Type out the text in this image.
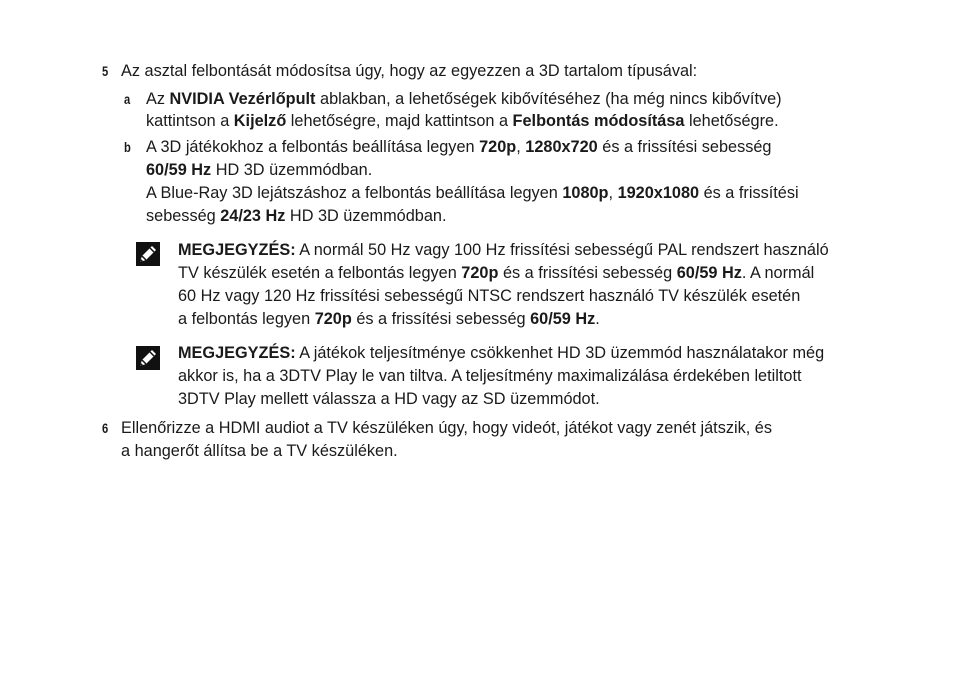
5 Az asztal felbontását módosítsa úgy, hogy az egyezzen a 3D tartalom típusával:
a Az NVIDIA Vezérlőpult ablakban, a lehetőségek kibővítéséhez (ha még nincs kibővítve)
kattintson a Kijelző lehetőségre, majd kattintson a Felbontás módosítása lehetőségre.
b A 3D játékokhoz a felbontás beállítása legyen 720p, 1280x720 és a frissítési sebesség
60/59 Hz HD 3D üzemmódban.
A Blue-Ray 3D lejátszáshoz a felbontás beállítása legyen 1080p, 1920x1080 és a frissítési
sebesség 24/23 Hz HD 3D üzemmódban.
MEGJEGYZÉS: A normál 50 Hz vagy 100 Hz frissítési sebességű PAL rendszert használó
TV készülék esetén a felbontás legyen 720p és a frissítési sebesség 60/59 Hz. A normál
60 Hz vagy 120 Hz frissítési sebességű NTSC rendszert használó TV készülék esetén
a felbontás legyen 720p és a frissítési sebesség 60/59 Hz.
MEGJEGYZÉS: A játékok teljesítménye csökkenhet HD 3D üzemmód használatakor még
akkor is, ha a 3DTV Play le van tiltva. A teljesítmény maximalizálása érdekében letiltott
3DTV Play mellett válassza a HD vagy az SD üzemmódot.
6 Ellenőrizze a HDMI audiot a TV készüléken úgy, hogy videót, játékot vagy zenét játszik, és
a hangerőt állítsa be a TV készüléken.
